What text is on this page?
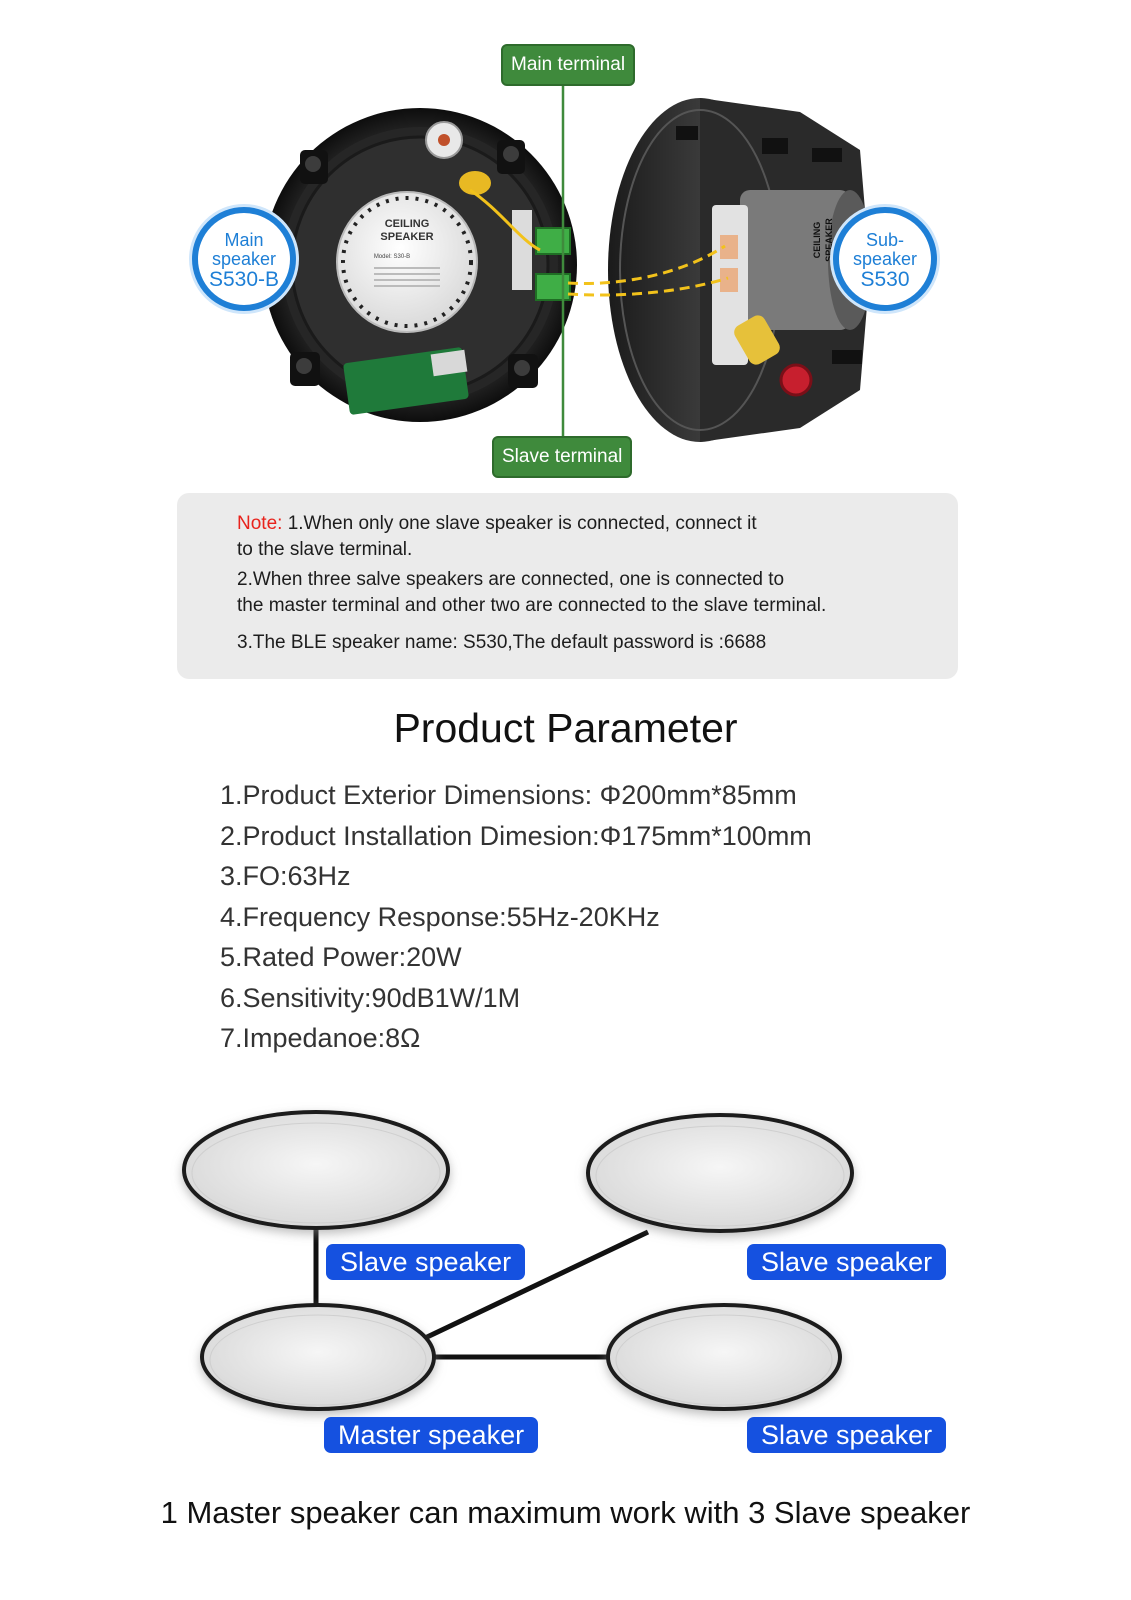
CEILING
SPEAKER
Model: S30-B	CEILING SPEAKER
Main terminal
Slave terminal
Main
speaker
S530-B
Sub-
speaker
S530
Note: 1.When only one slave speaker is connected, connect it
to the slave terminal.
2.When three salve speakers are connected, one is connected to
the master terminal and other two are connected to the slave terminal.
3.The BLE speaker name: S530,The default password is :6688
Product Parameter
1.Product Exterior Dimensions: Φ200mm*85mm
2.Product Installation Dimesion:Φ175mm*100mm
3.FO:63Hz
4.Frequency Response:55Hz-20KHz
5.Rated Power:20W
6.Sensitivity:90dB1W/1M
7.Impedanoe:8Ω
Slave speaker	Slave speaker
Master speaker	Slave speaker
1 Master speaker can maximum work with 3 Slave speaker
